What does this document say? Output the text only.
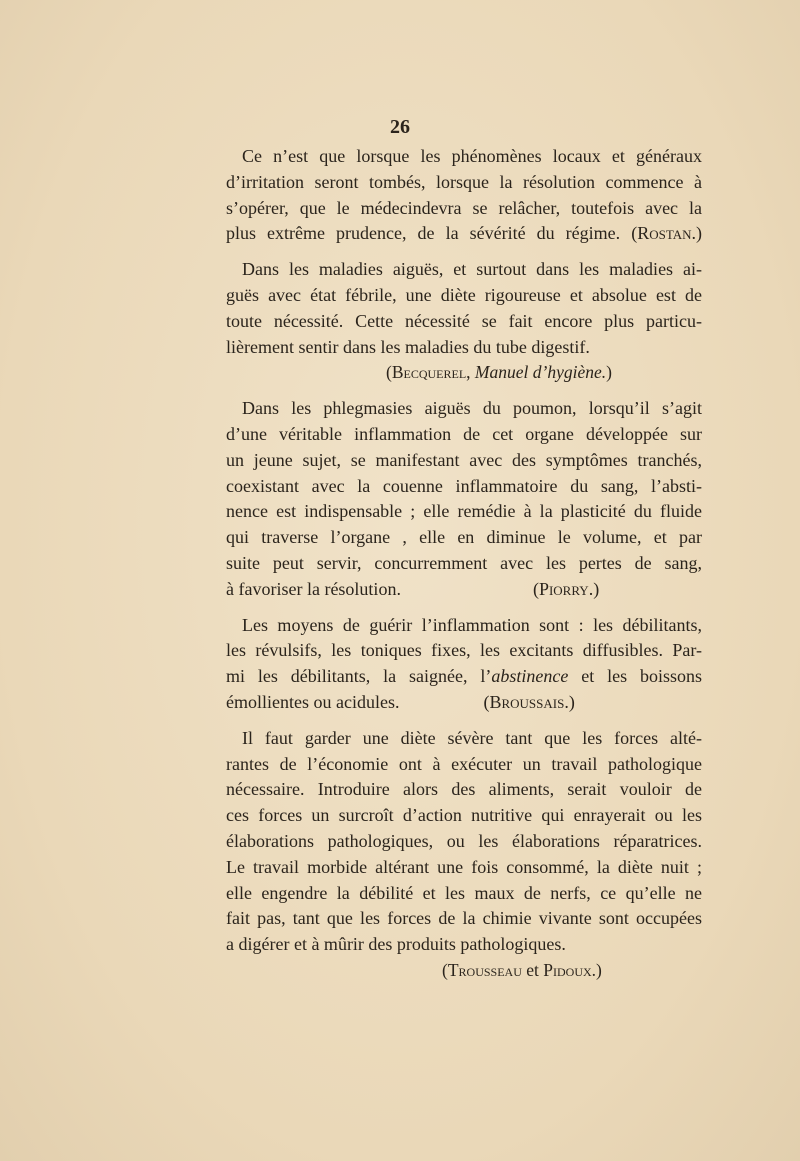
26
Ce n’est que lorsque les phénomènes locaux et généraux
d’irritation seront tombés, lorsque la résolution commence à
s’opérer, que le médecindevra se relâcher, toutefois avec la
plus extrême prudence, de la sévérité du régime. (Rostan.)
Dans les maladies aiguës, et surtout dans les maladies ai-
guës avec état fébrile, une diète rigoureuse et absolue est de
toute nécessité. Cette nécessité se fait encore plus particu-
lièrement sentir dans les maladies du tube digestif.
(Becquerel, Manuel d’hygiène.)
Dans les phlegmasies aiguës du poumon, lorsqu’il s’agit
d’une véritable inflammation de cet organe développée sur
un jeune sujet, se manifestant avec des symptômes tranchés,
coexistant avec la couenne inflammatoire du sang, l’absti-
nence est indispensable ; elle remédie à la plasticité du fluide
qui traverse l’organe , elle en diminue le volume, et par
suite peut servir, concurremment avec les pertes de sang,
à favoriser la résolution.	(Piorry.)
Les moyens de guérir l’inflammation sont : les débilitants,
les révulsifs, les toniques fixes, les excitants diffusibles. Par-
mi les débilitants, la saignée, l’abstinence et les boissons
émollientes ou acidules.	(Broussais.)
Il faut garder une diète sévère tant que les forces alté-
rantes de l’économie ont à exécuter un travail pathologique
nécessaire. Introduire alors des aliments, serait vouloir de
ces forces un surcroît d’action nutritive qui enrayerait ou les
élaborations pathologiques, ou les élaborations réparatrices.
Le travail morbide altérant une fois consommé, la diète nuit ;
elle engendre la débilité et les maux de nerfs, ce qu’elle ne
fait pas, tant que les forces de la chimie vivante sont occupées
a digérer et à mûrir des produits pathologiques.
(Trousseau et Pidoux.)
